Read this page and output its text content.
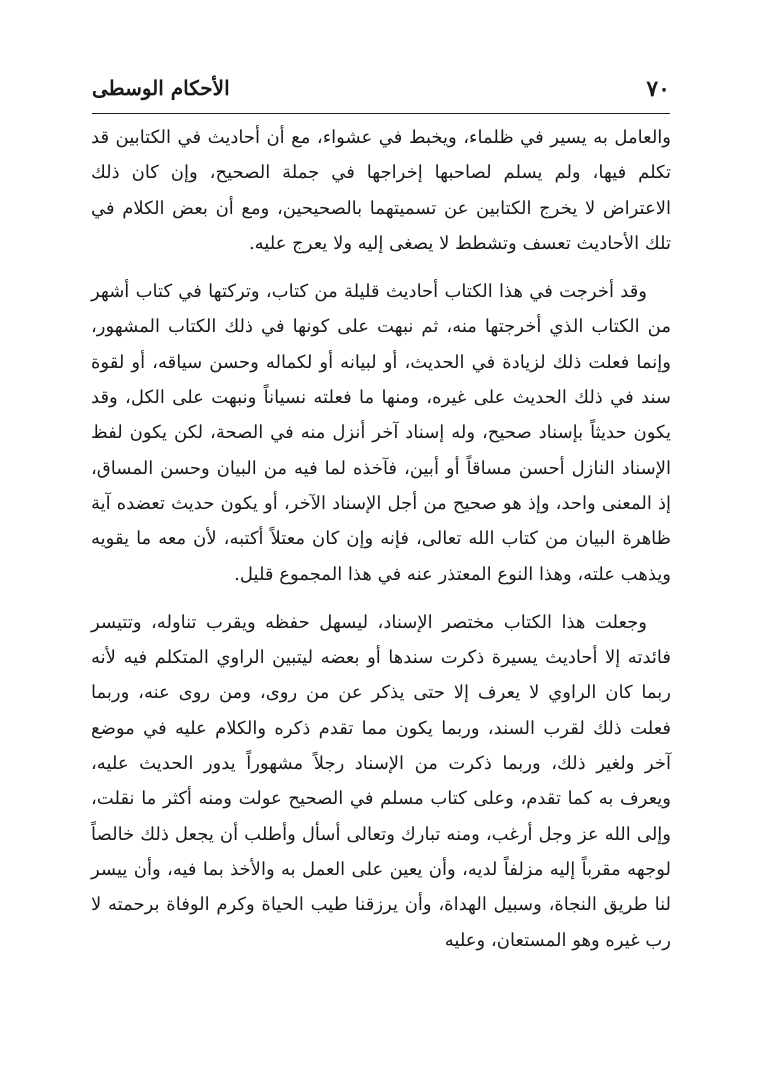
٧٠
الأحكام الوسطى

والعامل به يسير في ظلماء، ويخبط في عشواء، مع أن أحاديث في الكتابين قد تكلم فيها، ولم يسلم لصاحبها إخراجها في جملة الصحيح، وإن كان ذلك الاعتراض لا يخرج الكتابين عن تسميتهما بالصحيحين، ومع أن بعض الكلام في تلك الأحاديث تعسف وتشطط لا يصغى إليه ولا يعرج عليه.

وقد أخرجت في هذا الكتاب أحاديث قليلة من كتاب، وتركتها في كتاب أشهر من الكتاب الذي أخرجتها منه، ثم نبهت على كونها في ذلك الكتاب المشهور، وإنما فعلت ذلك لزيادة في الحديث، أو لبيانه أو لكماله وحسن سياقه، أو لقوة سند في ذلك الحديث على غيره، ومنها ما فعلته نسياناً ونبهت على الكل، وقد يكون حديثاً بإسناد صحيح، وله إسناد آخر أنزل منه في الصحة، لكن يكون لفظ الإسناد النازل أحسن مساقاً أو أبين، فآخذه لما فيه من البيان وحسن المساق، إذ المعنى واحد، وإذ هو صحيح من أجل الإسناد الآخر، أو يكون حديث تعضده آية ظاهرة البيان من كتاب الله تعالى، فإنه وإن كان معتلاً أكتبه، لأن معه ما يقويه ويذهب علته، وهذا النوع المعتذر عنه في هذا المجموع قليل.

وجعلت هذا الكتاب مختصر الإسناد، ليسهل حفظه ويقرب تناوله، وتتيسر فائدته إلا أحاديث يسيرة ذكرت سندها أو بعضه ليتبين الراوي المتكلم فيه لأنه ربما كان الراوي لا يعرف إلا حتى يذكر عن من روى، ومن روى عنه، وربما فعلت ذلك لقرب السند، وربما يكون مما تقدم ذكره والكلام عليه في موضع آخر ولغير ذلك، وربما ذكرت من الإسناد رجلاً مشهوراً يدور الحديث عليه، ويعرف به كما تقدم، وعلى كتاب مسلم في الصحيح عولت ومنه أكثر ما نقلت، وإلى الله عز وجل أرغب، ومنه تبارك وتعالى أسأل وأطلب أن يجعل ذلك خالصاً لوجهه مقرباً إليه مزلفاً لديه، وأن يعين على العمل به والأخذ بما فيه، وأن ييسر لنا طريق النجاة، وسبيل الهداة، وأن يرزقنا طيب الحياة وكرم الوفاة برحمته لا رب غيره وهو المستعان، وعليه
